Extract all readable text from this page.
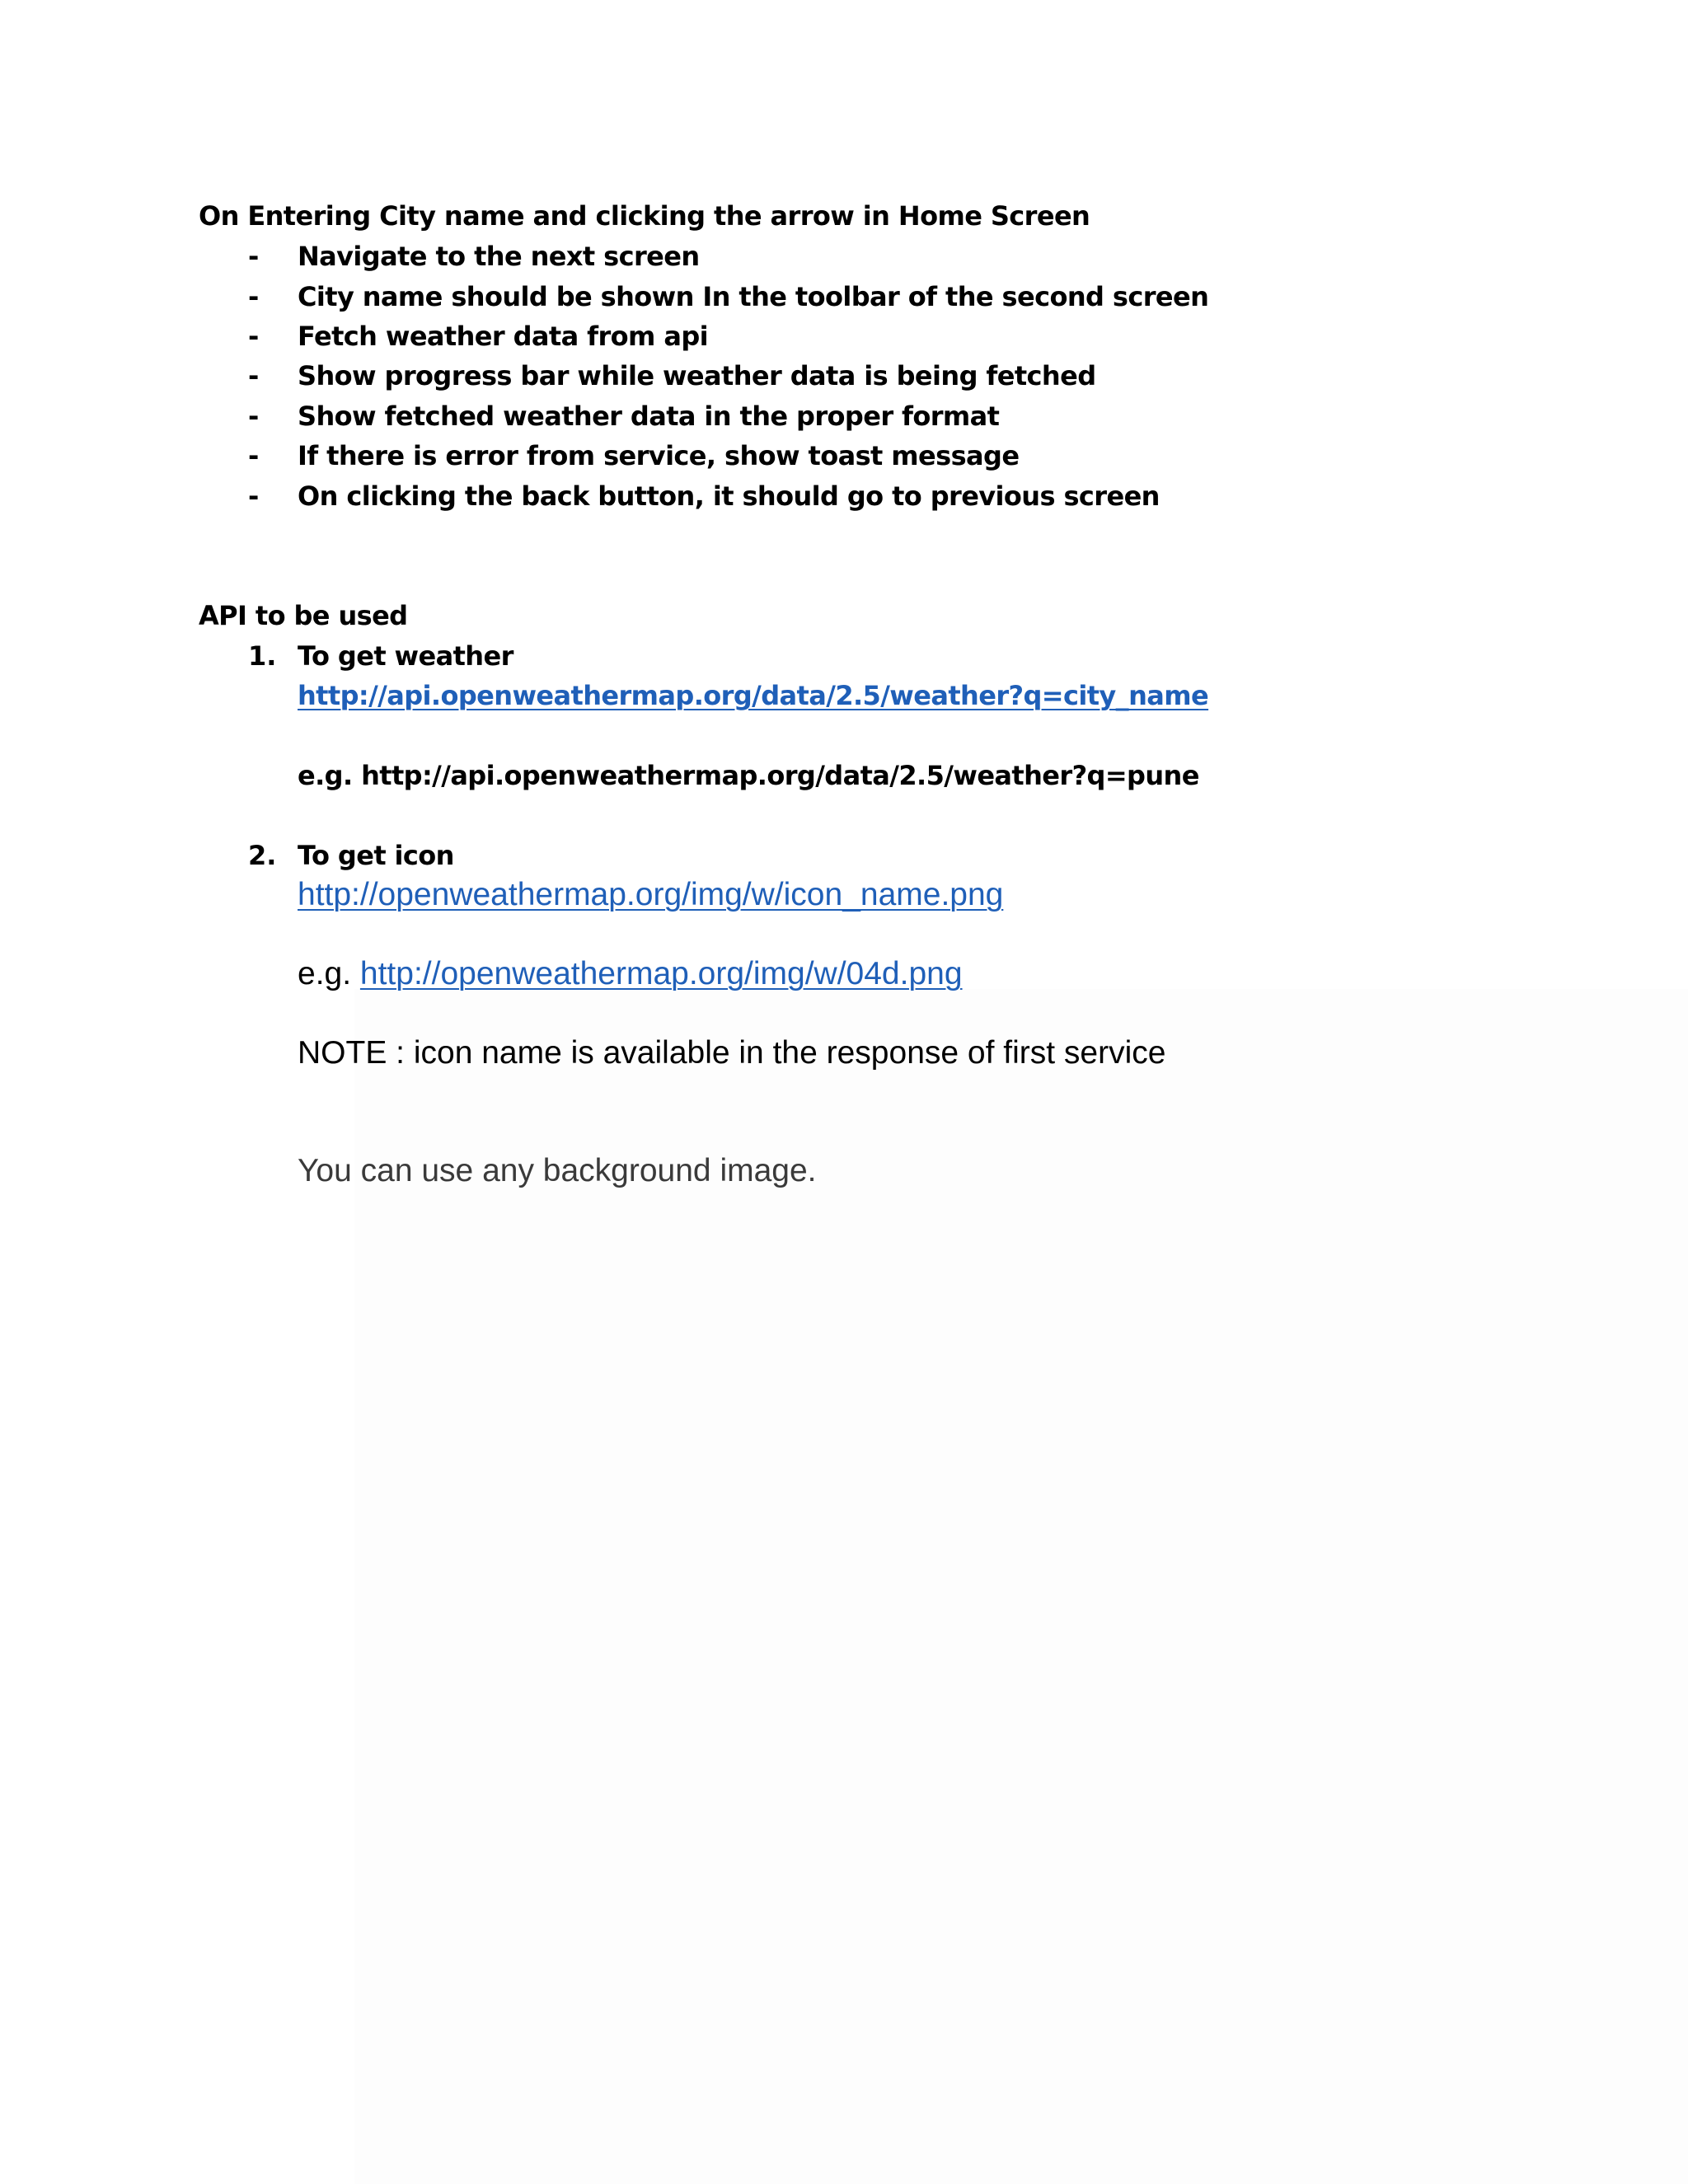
On Entering City name and clicking the arrow in Home Screen
- Navigate to the next screen
- City name should be shown In the toolbar of the second screen
- Fetch weather data from api
- Show progress bar while weather data is being fetched
- Show fetched weather data in the proper format
- If there is error from service, show toast message
- On clicking the back button, it should go to previous screen
API to be used
1. To get weather
http://api.openweathermap.org/data/2.5/weather?q=city_name
e.g. http://api.openweathermap.org/data/2.5/weather?q=pune
2. To get icon
http://openweathermap.org/img/w/icon_name.png
e.g. http://openweathermap.org/img/w/04d.png
NOTE : icon name is available in the response of first service
You can use any background image.
